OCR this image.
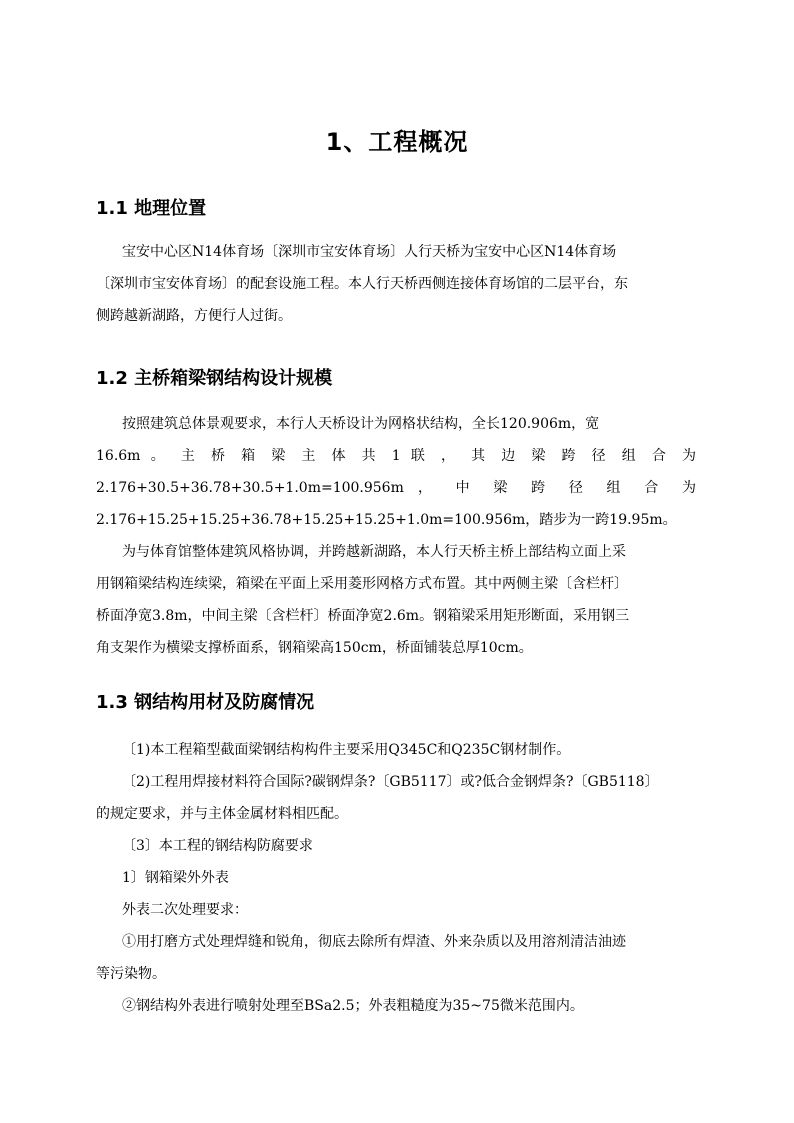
1、工程概况
1.1 地理位置
宝安中心区N14体育场〔深圳市宝安体育场〕人行天桥为宝安中心区N14体育场
〔深圳市宝安体育场〕的配套设施工程。本人行天桥西侧连接体育场馆的二层平台，东
侧跨越新湖路，方便行人过街。
1.2 主桥箱梁钢结构设计规模
按照建筑总体景观要求，本行人天桥设计为网格状结构，全长120.906m，宽
16.6m 。 主 桥 箱 梁 主 体 共 1 联 ， 其 边 梁 跨 径 组 合 为
2.176+30.5+36.78+30.5+1.0m=100.956m ， 中 梁 跨 径 组 合 为
2.176+15.25+15.25+36.78+15.25+15.25+1.0m=100.956m，踏步为一跨19.95m。
为与体育馆整体建筑风格协调，并跨越新湖路，本人行天桥主桥上部结构立面上采
用钢箱梁结构连续梁，箱梁在平面上采用菱形网格方式布置。其中两侧主梁〔含栏杆〕
桥面净宽3.8m，中间主梁〔含栏杆〕桥面净宽2.6m。钢箱梁采用矩形断面，采用钢三
角支架作为横梁支撑桥面系，钢箱梁高150cm，桥面铺装总厚10cm。
1.3 钢结构用材及防腐情况
〔1)本工程箱型截面梁钢结构构件主要采用Q345C和Q235C钢材制作。
〔2)工程用焊接材料符合国际?碳钢焊条?〔GB5117〕或?低合金钢焊条?〔GB5118〕
的规定要求，并与主体金属材料相匹配。
〔3〕本工程的钢结构防腐要求
1〕钢箱梁外外表
外表二次处理要求：
①用打磨方式处理焊缝和锐角，彻底去除所有焊渣、外来杂质以及用溶剂清洁油迹
等污染物。
②钢结构外表进行喷射处理至BSa2.5；外表粗糙度为35~75微米范围内。
